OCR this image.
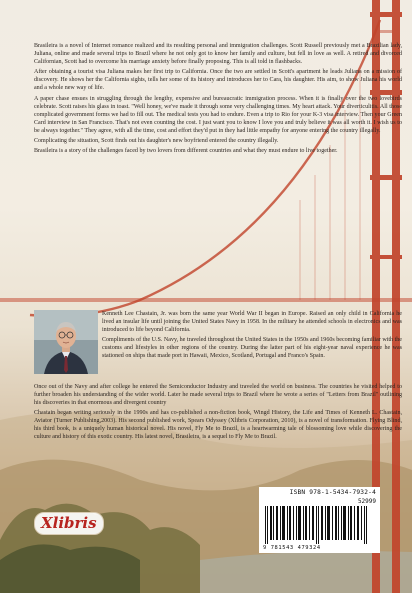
Brasileira is a novel of Internet romance realized and its resulting personal and immigration challenges. Scott Russell previously met a Brazilian lady, Juliana, online and made several trips to Brazil where he not only got to know her family and culture, but fell in love as well. A retired and divorced Californian, Scott had to overcome his marriage anxiety before finally proposing. This is all told in flashbacks.

After obtaining a tourist visa Juliana makes her first trip to California. Once the two are settled in Scott's apartment he leads Juliana on a mission of discovery. He shows her the California sights, tells her some of its history and introduces her to Cara, his daughter. His aim, to show Juliana his world and a whole new way of life.

A paper chase ensues in struggling through the lengthy, expensive and bureaucratic immigration process. When it is finally over the two lovebirds celebrate. Scott raises his glass in toast. "Well honey, we've made it through some very challenging times. My heart attack. Your diverticulitis. All those complicated government forms we had to fill out. The medical tests you had to endure. Even a trip to Rio for your K-3 visa interview. Then your Green Card interview in San Francisco. That's not even counting the cost. I just want you to know I love you and truly believe it was all worth it. I wish us to be always together." They agree, with all the time, cost and effort they'd put in they had little empathy for anyone entering the country illegally.

Complicating the situation, Scott finds out his daughter's new boyfriend entered the country illegally.

Brasileira is a story of the challenges faced by two lovers from different countries and what they must endure to live together.

Kenneth Lee Chastain, Jr. was born the same year World War II began in Europe. Raised an only child in California he lived an insular life until joining the United States Navy in 1958. In the military he attended schools in electronics and was introduced to life beyond California.

Compliments of the U.S. Navy, he traveled throughout the United States in the 1950s and 1960s becoming familiar with the customs and lifestyles in other regions of the country. During the latter part of his eight-year naval experience he was stationed on ships that made port in Hawaii, Mexico, Scotland, Portugal and Franco's Spain.

Once out of the Navy and after college he entered the Semiconductor Industry and traveled the world on business. The countries he visited helped to further broaden his understanding of the wider world. Later he made several trips to Brazil where he wrote a series of "Letters from Brazil" outlining his discoveries in that enormous and divergent country

Chastain began writing seriously in the 1990s and has co-published a non-fiction book, Wingd History, the Life and Times of Kenneth L. Chastain, Aviator (Turner Publishing,2003). His second published work, Spears Odyssey (Xlibris Corporation, 2010), is a novel of transformation. Flying Blind, his third book, is a uniquely human historical novel. His novel, Fly Me to Brazil, is a heartwarming tale of blossoming love while discovering the culture and history of this exotic country. His latest novel, Brasileira, is a sequel to Fly Me to Brazil.

Xlibris
ISBN 978-1-5434-7932-4
52999
9 781543 479324
